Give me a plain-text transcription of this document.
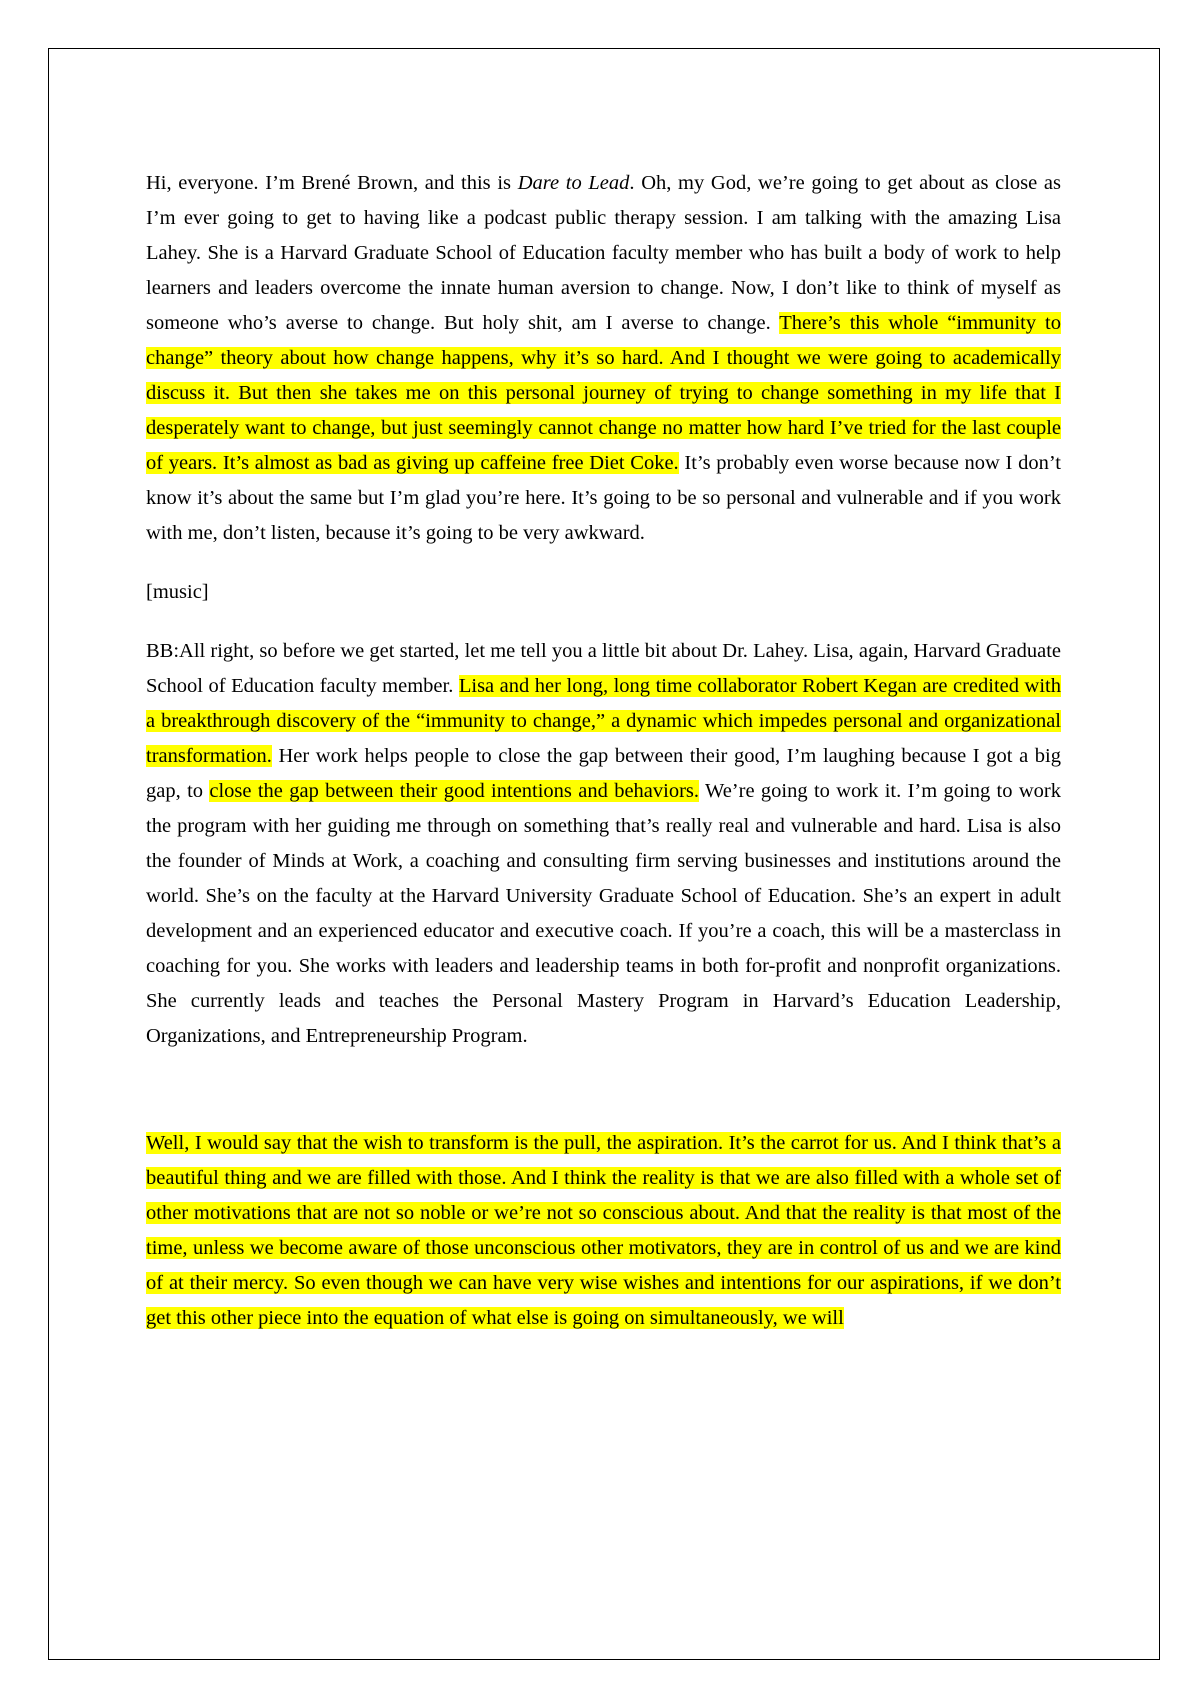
Hi, everyone. I’m Brené Brown, and this is Dare to Lead. Oh, my God, we’re going to get about as close as I’m ever going to get to having like a podcast public therapy session. I am talking with the amazing Lisa Lahey. She is a Harvard Graduate School of Education faculty member who has built a body of work to help learners and leaders overcome the innate human aversion to change. Now, I don’t like to think of myself as someone who’s averse to change. But holy shit, am I averse to change. There’s this whole “immunity to change” theory about how change happens, why it’s so hard. And I thought we were going to academically discuss it. But then she takes me on this personal journey of trying to change something in my life that I desperately want to change, but just seemingly cannot change no matter how hard I’ve tried for the last couple of years. It’s almost as bad as giving up caffeine free Diet Coke. It’s probably even worse because now I don’t know it’s about the same but I’m glad you’re here. It’s going to be so personal and vulnerable and if you work with me, don’t listen, because it’s going to be very awkward.

[music]

BB:All right, so before we get started, let me tell you a little bit about Dr. Lahey. Lisa, again, Harvard Graduate School of Education faculty member. Lisa and her long, long time collaborator Robert Kegan are credited with a breakthrough discovery of the “immunity to change,” a dynamic which impedes personal and organizational transformation. Her work helps people to close the gap between their good, I’m laughing because I got a big gap, to close the gap between their good intentions and behaviors. We’re going to work it. I’m going to work the program with her guiding me through on something that’s really real and vulnerable and hard. Lisa is also the founder of Minds at Work, a coaching and consulting firm serving businesses and institutions around the world. She’s on the faculty at the Harvard University Graduate School of Education. She’s an expert in adult development and an experienced educator and executive coach. If you’re a coach, this will be a masterclass in coaching for you. She works with leaders and leadership teams in both for-profit and nonprofit organizations. She currently leads and teaches the Personal Mastery Program in Harvard’s Education Leadership, Organizations, and Entrepreneurship Program.

Well, I would say that the wish to transform is the pull, the aspiration. It’s the carrot for us. And I think that’s a beautiful thing and we are filled with those. And I think the reality is that we are also filled with a whole set of other motivations that are not so noble or we’re not so conscious about. And that the reality is that most of the time, unless we become aware of those unconscious other motivators, they are in control of us and we are kind of at their mercy. So even though we can have very wise wishes and intentions for our aspirations, if we don’t get this other piece into the equation of what else is going on simultaneously, we will
